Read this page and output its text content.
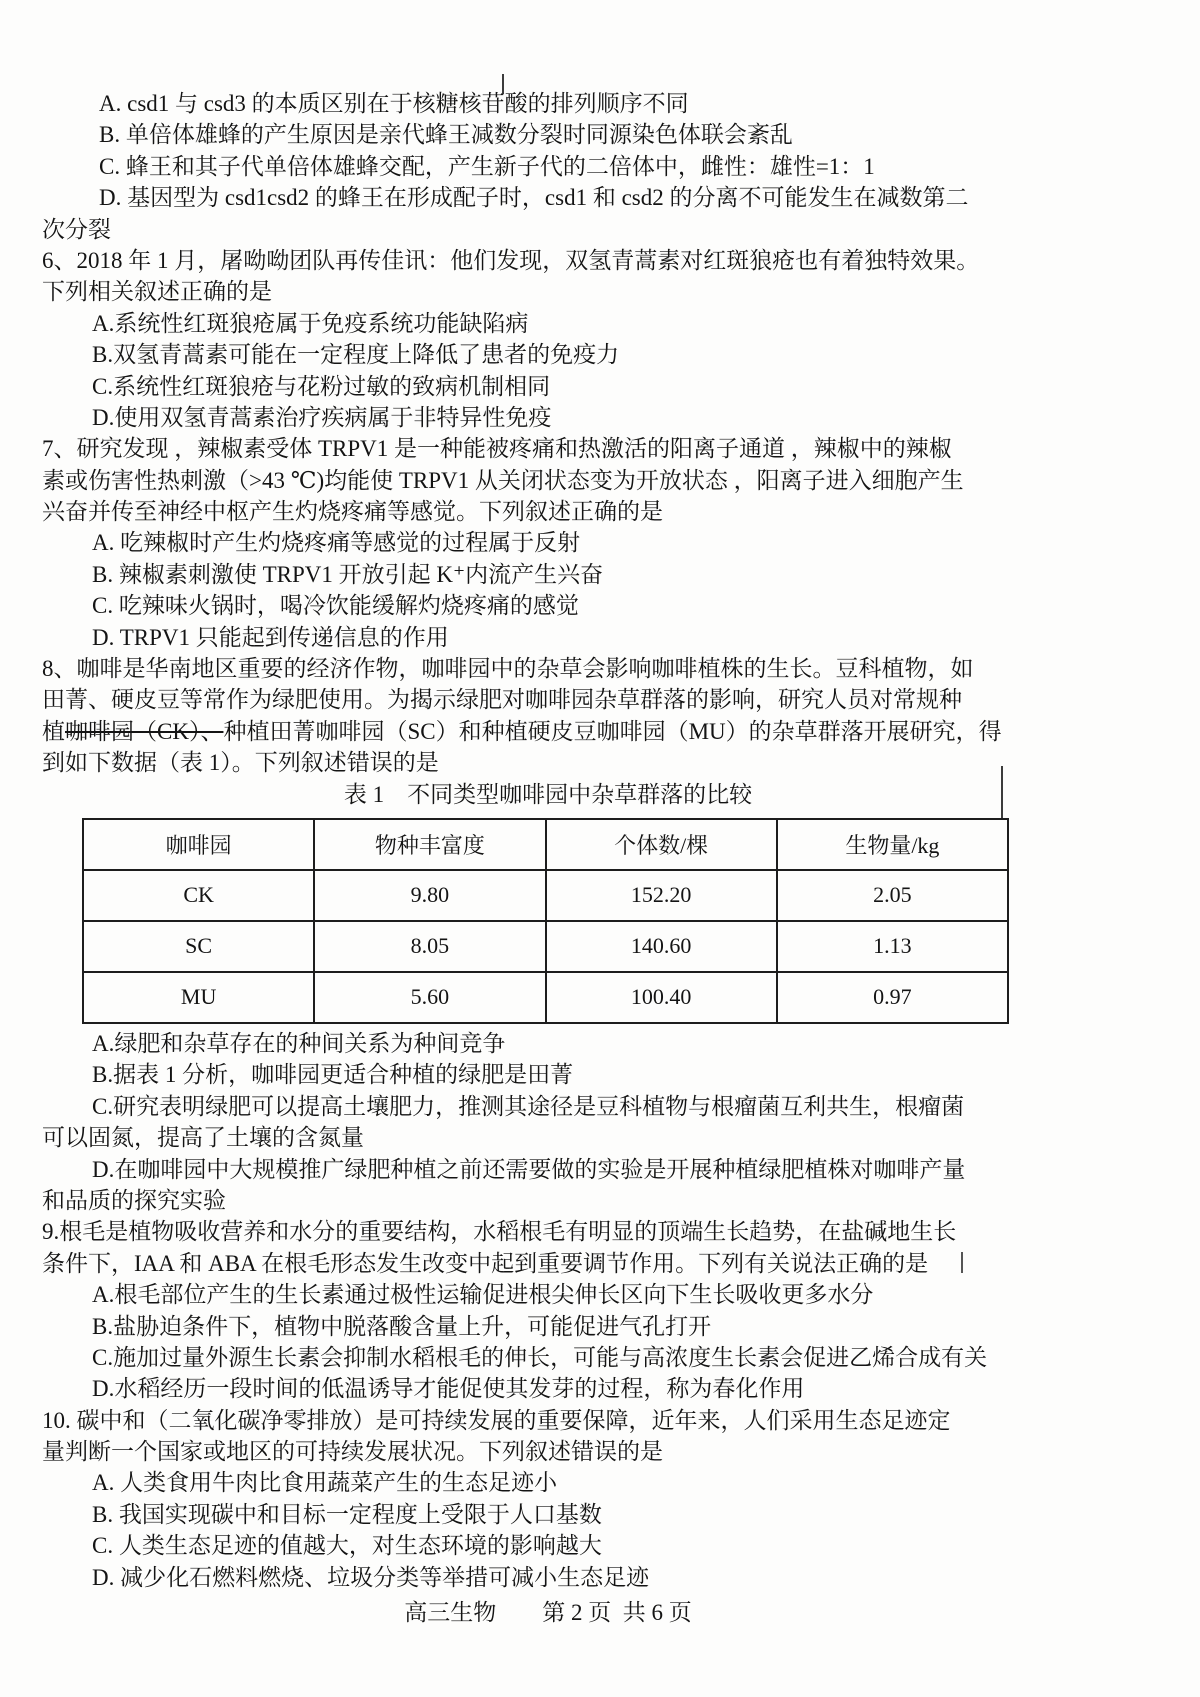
A. csd1 与 csd3 的本质区别在于核糖核苷酸的排列顺序不同
B. 单倍体雄蜂的产生原因是亲代蜂王减数分裂时同源染色体联会紊乱
C. 蜂王和其子代单倍体雄蜂交配，产生新子代的二倍体中，雌性：雄性=1：1
D. 基因型为 csd1csd2 的蜂王在形成配子时，csd1 和 csd2 的分离不可能发生在减数第二
次分裂
6、2018 年 1 月，屠呦呦团队再传佳讯：他们发现，双氢青蒿素对红斑狼疮也有着独特效果。
下列相关叙述正确的是
A.系统性红斑狼疮属于免疫系统功能缺陷病
B.双氢青蒿素可能在一定程度上降低了患者的免疫力
C.系统性红斑狼疮与花粉过敏的致病机制相同
D.使用双氢青蒿素治疗疾病属于非特异性免疫
7、研究发现 ，辣椒素受体 TRPV1 是一种能被疼痛和热激活的阳离子通道 ，辣椒中的辣椒
素或伤害性热刺激（>43 ℃)均能使 TRPV1 从关闭状态变为开放状态 ，阳离子进入细胞产生
兴奋并传至神经中枢产生灼烧疼痛等感觉。下列叙述正确的是
A. 吃辣椒时产生灼烧疼痛等感觉的过程属于反射
B. 辣椒素刺激使 TRPV1 开放引起 K⁺内流产生兴奋
C. 吃辣味火锅时，喝冷饮能缓解灼烧疼痛的感觉
D. TRPV1 只能起到传递信息的作用
8、咖啡是华南地区重要的经济作物，咖啡园中的杂草会影响咖啡植株的生长。豆科植物，如
田菁、硬皮豆等常作为绿肥使用。为揭示绿肥对咖啡园杂草群落的影响，研究人员对常规种
植咖啡园（CK）、种植田菁咖啡园（SC）和种植硬皮豆咖啡园（MU）的杂草群落开展研究，得
到如下数据（表 1）。下列叙述错误的是
表 1　不同类型咖啡园中杂草群落的比较
咖啡园	物种丰富度	个体数/棵	生物量/kg
CK	9.80	152.20	2.05
SC	8.05	140.60	1.13
MU	5.60	100.40	0.97
A.绿肥和杂草存在的种间关系为种间竞争
B.据表 1 分析，咖啡园更适合种植的绿肥是田菁
C.研究表明绿肥可以提高土壤肥力，推测其途径是豆科植物与根瘤菌互利共生，根瘤菌
可以固氮，提高了土壤的含氮量
D.在咖啡园中大规模推广绿肥种植之前还需要做的实验是开展种植绿肥植株对咖啡产量
和品质的探究实验
9.根毛是植物吸收营养和水分的重要结构，水稻根毛有明显的顶端生长趋势，在盐碱地生长
条件下，IAA 和 ABA 在根毛形态发生改变中起到重要调节作用。下列有关说法正确的是
A.根毛部位产生的生长素通过极性运输促进根尖伸长区向下生长吸收更多水分
B.盐胁迫条件下，植物中脱落酸含量上升，可能促进气孔打开
C.施加过量外源生长素会抑制水稻根毛的伸长，可能与高浓度生长素会促进乙烯合成有关
D.水稻经历一段时间的低温诱导才能促使其发芽的过程，称为春化作用
10. 碳中和（二氧化碳净零排放）是可持续发展的重要保障，近年来，人们采用生态足迹定
量判断一个国家或地区的可持续发展状况。下列叙述错误的是
A. 人类食用牛肉比食用蔬菜产生的生态足迹小
B. 我国实现碳中和目标一定程度上受限于人口基数
C. 人类生态足迹的值越大，对生态环境的影响越大
D. 减少化石燃料燃烧、垃圾分类等举措可减小生态足迹
高三生物 第 2 页  共 6 页
